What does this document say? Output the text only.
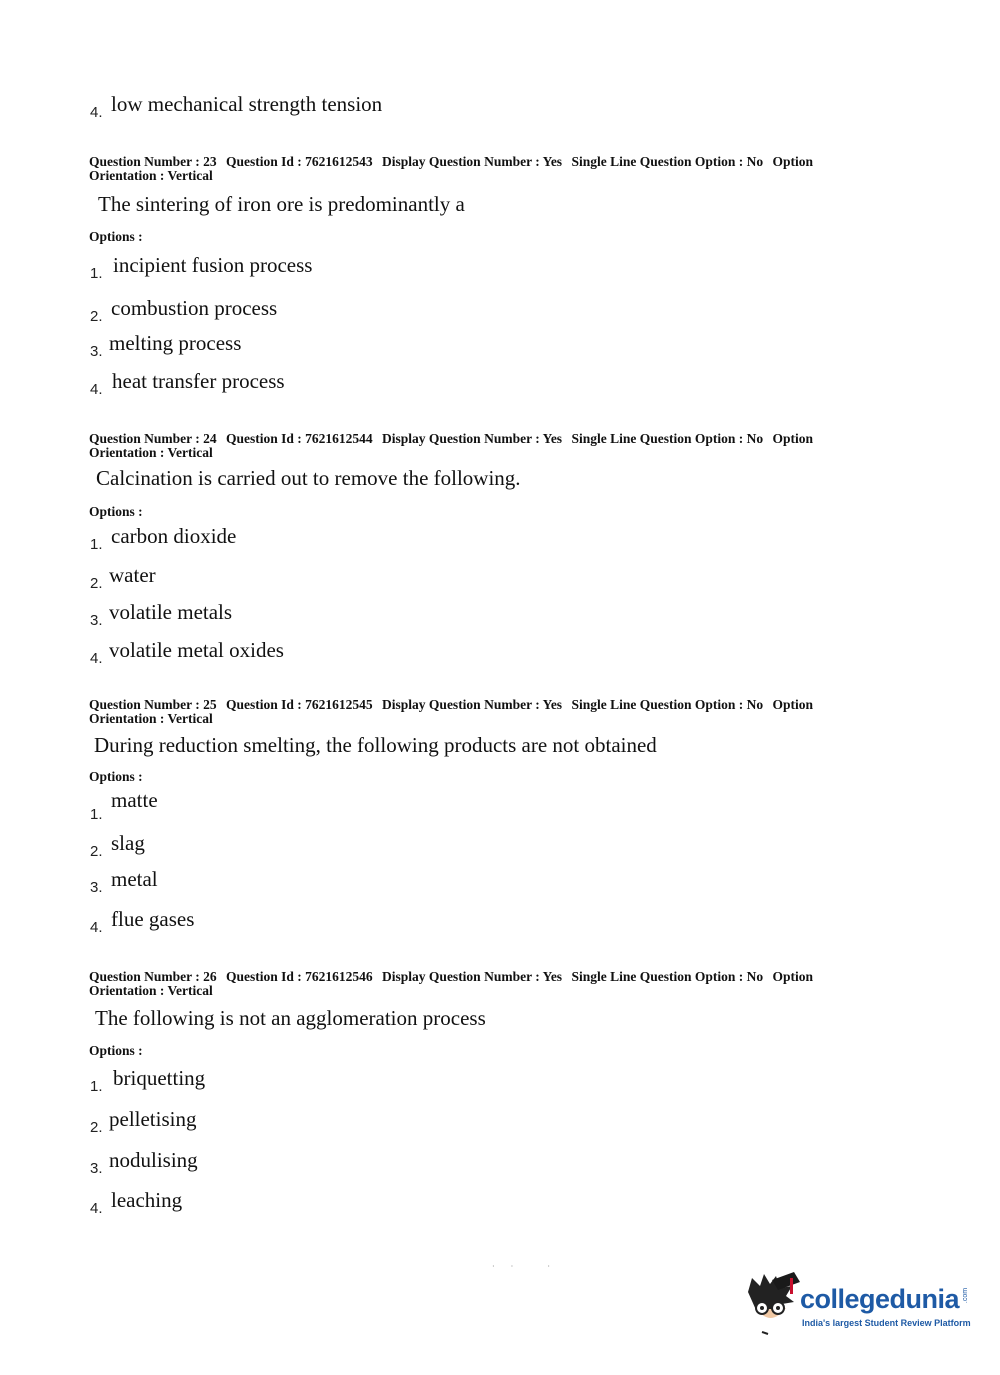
4. low mechanical strength tension
Question Number : 23 Question Id : 7621612543 Display Question Number : Yes Single Line Question Option : No Option Orientation : Vertical
The sintering of iron ore is predominantly a
Options :
1. incipient fusion process
2. combustion process
3. melting process
4. heat transfer process
Question Number : 24 Question Id : 7621612544 Display Question Number : Yes Single Line Question Option : No Option Orientation : Vertical
Calcination is carried out to remove the following.
Options :
1. carbon dioxide
2. water
3. volatile metals
4. volatile metal oxides
Question Number : 25 Question Id : 7621612545 Display Question Number : Yes Single Line Question Option : No Option Orientation : Vertical
During reduction smelting, the following products are not obtained
Options :
1.
matte
2. slag
3. metal
4. flue gases
Question Number : 26 Question Id : 7621612546 Display Question Number : Yes Single Line Question Option : No Option Orientation : Vertical
The following is not an agglomeration process
Options :
1. briquetting
2. pelletising
3. nodulising
4. leaching
·· ·
collegedunia .com
India's largest Student Review Platform
